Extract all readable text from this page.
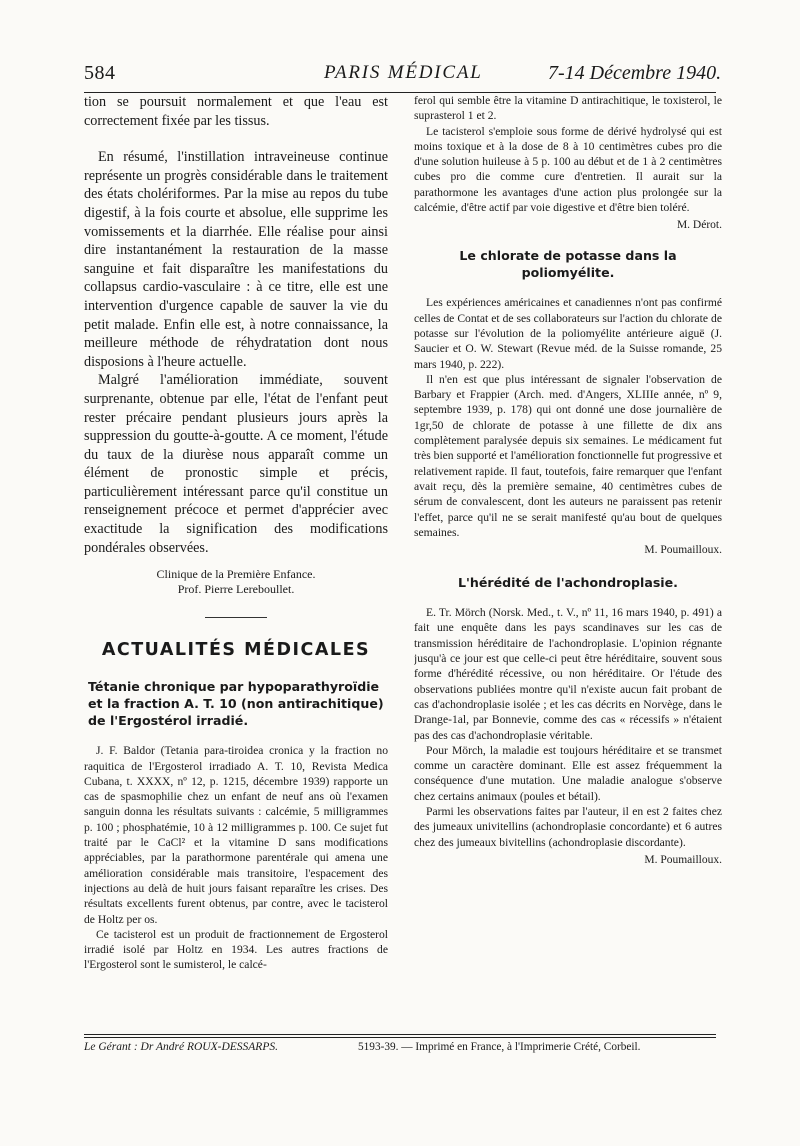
584	PARIS MÉDICAL	7-14 Décembre 1940.

tion se poursuit normalement et que l'eau est correctement fixée par les tissus.

En résumé, l'instillation intraveineuse continue représente un progrès considérable dans le traitement des états cholériformes. Par la mise au repos du tube digestif, à la fois courte et absolue, elle supprime les vomissements et la diarrhée. Elle réalise pour ainsi dire instantanément la restauration de la masse sanguine et fait disparaître les manifestations du collapsus cardio-vasculaire : à ce titre, elle est une intervention d'urgence capable de sauver la vie du petit malade. Enfin elle est, à notre connaissance, la meilleure méthode de réhydratation dont nous disposions à l'heure actuelle.

Malgré l'amélioration immédiate, souvent surprenante, obtenue par elle, l'état de l'enfant peut rester précaire pendant plusieurs jours après la suppression du goutte-à-goutte. A ce moment, l'étude du taux de la diurèse nous apparaît comme un élément de pronostic simple et précis, particulièrement intéressant parce qu'il constitue un renseignement précoce et permet d'apprécier avec exactitude la signification des modifications pondérales observées.

Clinique de la Première Enfance.
Prof. Pierre Lereboullet.
ACTUALITÉS MÉDICALES
Tétanie chronique par hypoparathyroïdie et la fraction A. T. 10 (non antirachitique) de l'Ergostérol irradié.

J. F. Baldor (Tetania para-tiroidea cronica y la fraction no raquitica de l'Ergosterol irradiado A. T. 10, Revista Medica Cubana, t. XXXX, nº 12, p. 1215, décembre 1939) rapporte un cas de spasmophilie chez un enfant de neuf ans où l'examen sanguin donna les résultats suivants : calcémie, 5 milligrammes p. 100 ; phosphatémie, 10 à 12 milligrammes p. 100. Ce sujet fut traité par le CaCl² et la vitamine D sans modifications appréciables, par la parathormone parentérale qui amena une amélioration considérable mais transitoire, l'espacement des injections au delà de huit jours faisant reparaître les crises. Des résultats excellents furent obtenus, par contre, avec le tacisterol de Holtz per os.

Ce tacisterol est un produit de fractionnement de Ergosterol irradié isolé par Holtz en 1934. Les autres fractions de l'Ergosterol sont le sumisterol, le calcé-

ferol qui semble être la vitamine D antirachitique, le toxisterol, le suprasterol 1 et 2.

Le tacisterol s'emploie sous forme de dérivé hydrolysé qui est moins toxique et à la dose de 8 à 10 centimètres cubes pro die d'une solution huileuse à 5 p. 100 au début et de 1 à 2 centimètres cubes pro die comme cure d'entretien. Il aurait sur la parathormone les avantages d'une action plus prolongée sur la calcémie, d'être actif par voie digestive et d'être bien toléré.

M. Dérot.
Le chlorate de potasse dans la poliomyélite.

Les expériences américaines et canadiennes n'ont pas confirmé celles de Contat et de ses collaborateurs sur l'action du chlorate de potasse sur l'évolution de la poliomyélite antérieure aiguë (J. Saucier et O. W. Stewart (Revue méd. de la Suisse romande, 25 mars 1940, p. 222).

Il n'en est que plus intéressant de signaler l'observation de Barbary et Frappier (Arch. med. d'Angers, XLIIIe année, nº 9, septembre 1939, p. 178) qui ont donné une dose journalière de 1gr,50 de chlorate de potasse à une fillette de dix ans complètement paralysée depuis six semaines. Le médicament fut très bien supporté et l'amélioration fonctionnelle fut progressive et relativement rapide. Il faut, toutefois, faire remarquer que l'enfant avait reçu, dès la première semaine, 40 centimètres cubes de sérum de convalescent, dont les auteurs ne paraissent pas retenir l'effet, parce qu'il ne se serait manifesté qu'au bout de quelques semaines.

M. Poumailloux.
L'hérédité de l'achondroplasie.

E. Tr. Mörch (Norsk. Med., t. V., nº 11, 16 mars 1940, p. 491) a fait une enquête dans les pays scandinaves sur les cas de transmission héréditaire de l'achondroplasie. L'opinion régnante jusqu'à ce jour est que celle-ci peut être héréditaire, souvent sous forme d'hérédité récessive, ou non héréditaire. Or l'étude des observations publiées montre qu'il n'existe aucun fait probant de cas d'achondroplasie isolée ; et les cas décrits en Norvège, dans le Drange-1al, par Bonnevie, comme des cas « récessifs » n'étaient pas des cas d'achondroplasie véritable.

Pour Mörch, la maladie est toujours héréditaire et se transmet comme un caractère dominant. Elle est assez fréquemment la conséquence d'une mutation. Une maladie analogue s'observe chez certains animaux (poules et bétail).

Parmi les observations faites par l'auteur, il en est 2 faites chez des jumeaux univitellins (achondroplasie concordante) et 6 autres chez des jumeaux bivitellins (achondroplasie discordante).

M. Poumailloux.
Le Gérant : Dr André ROUX-DESSARPS.	5193-39. — Imprimé en France, à l'Imprimerie Crété, Corbeil.
